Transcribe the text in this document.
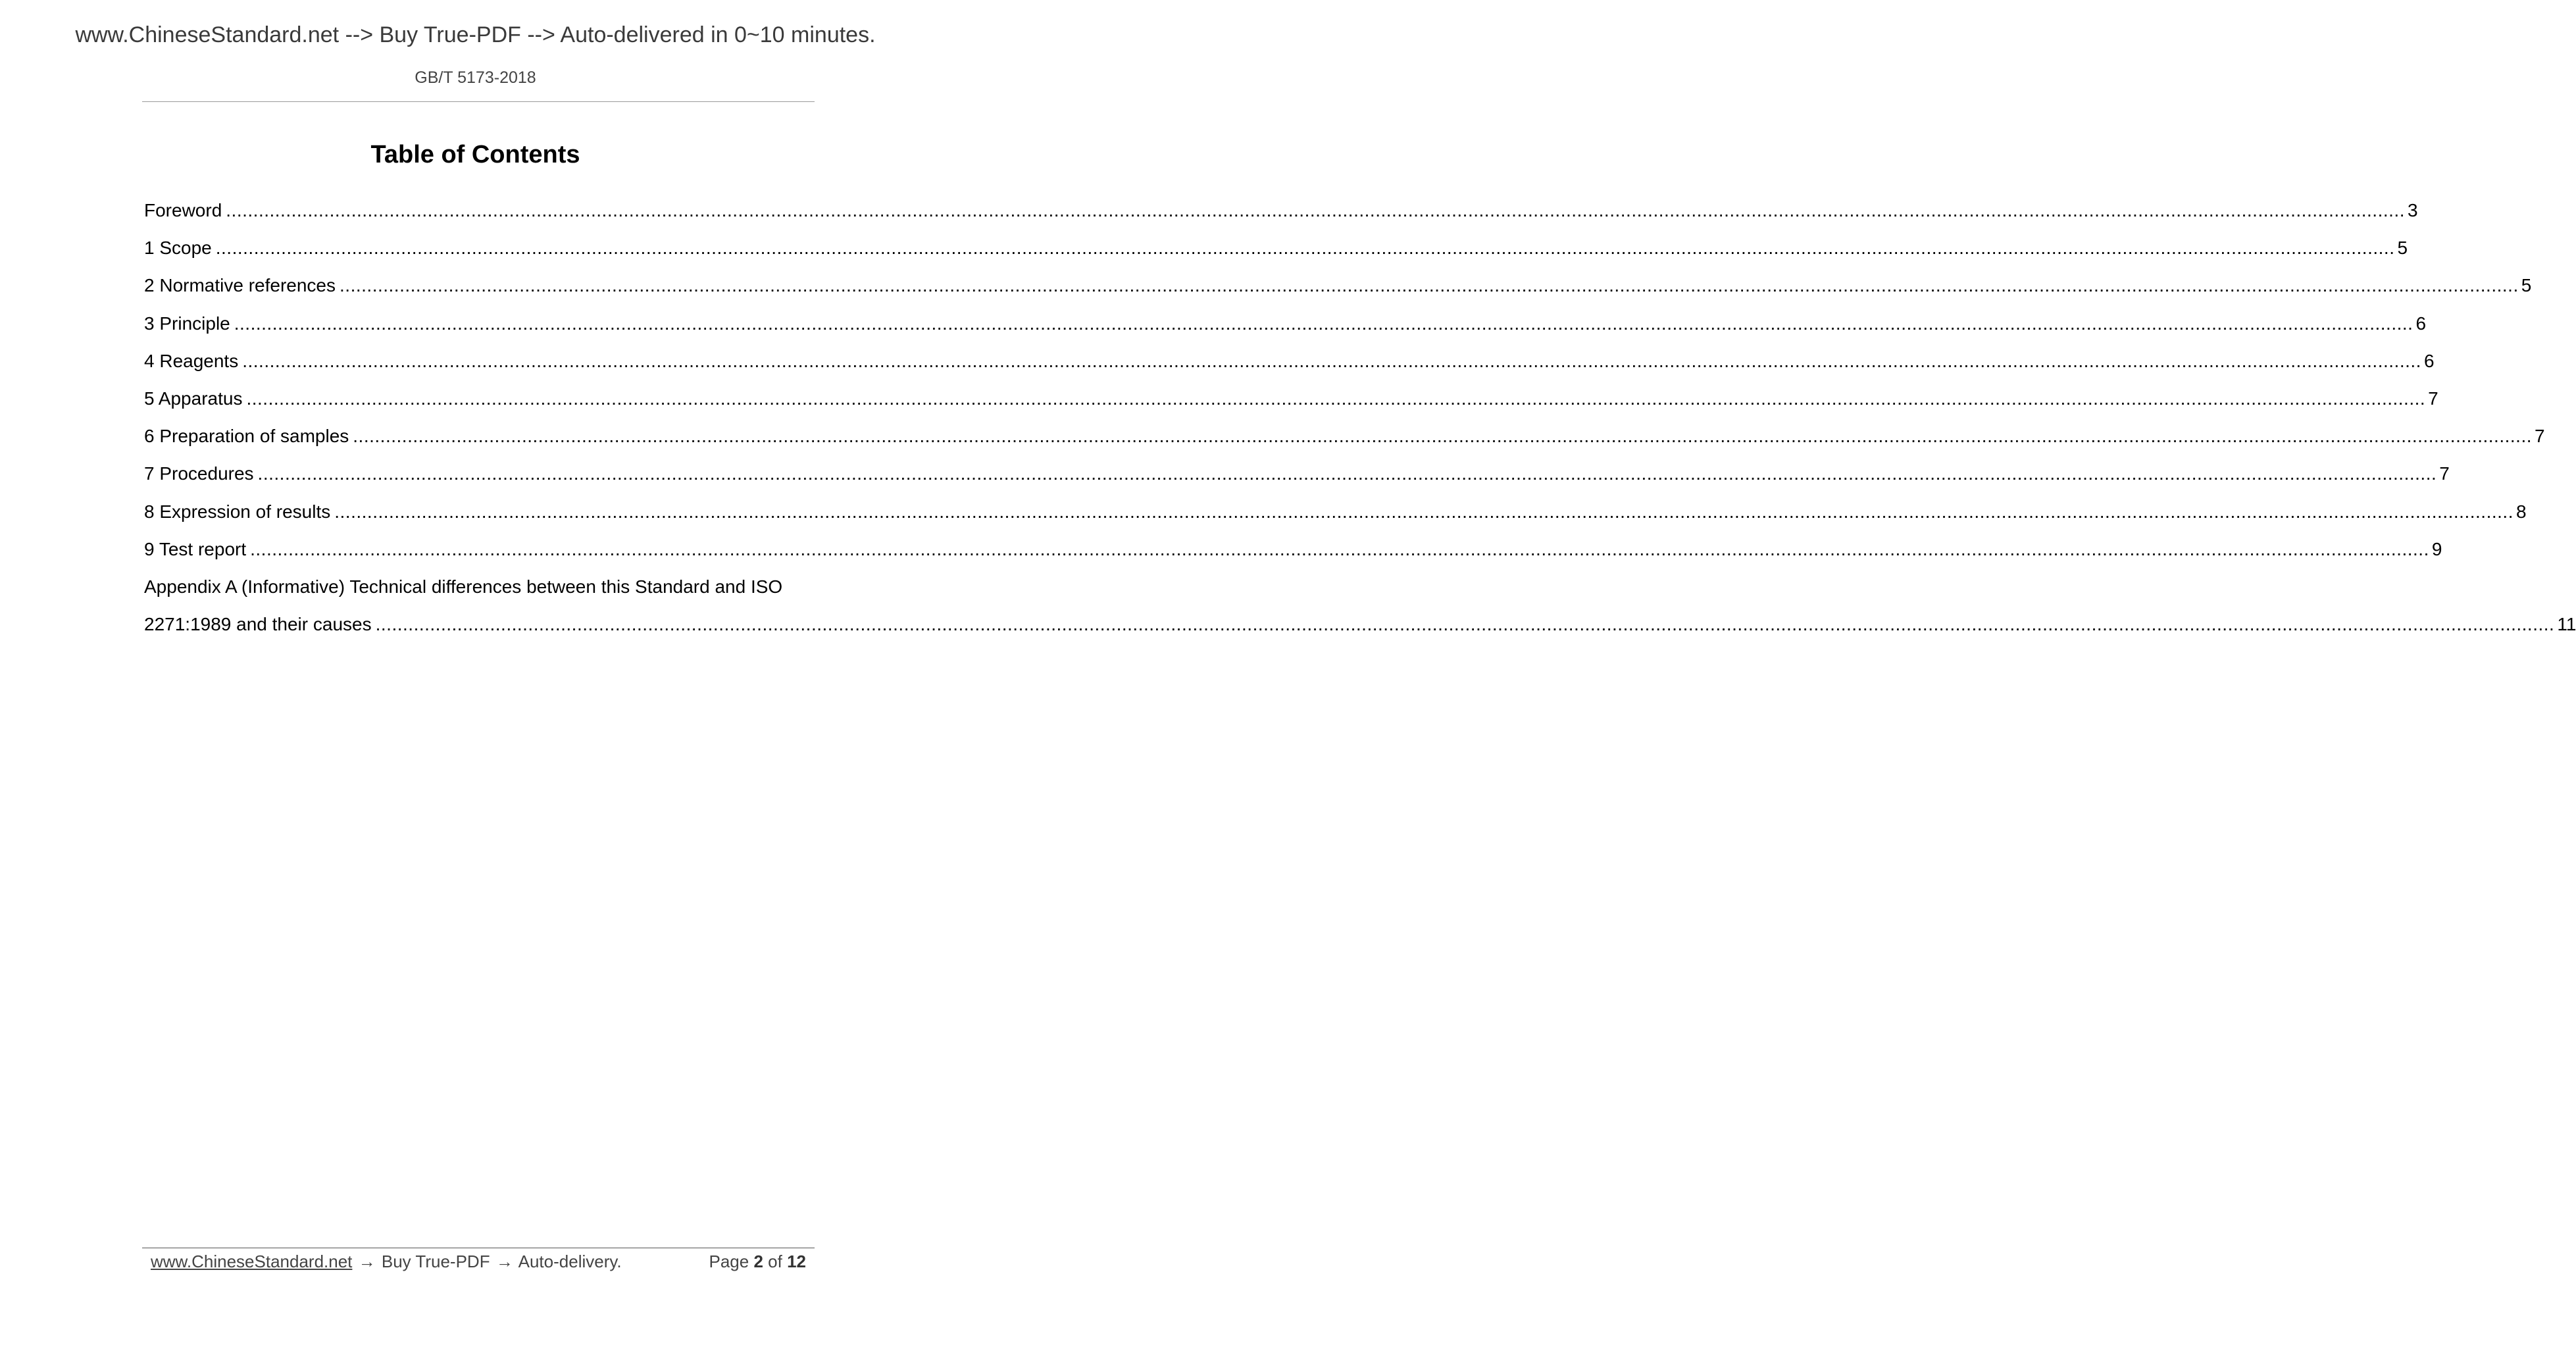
www.ChineseStandard.net --> Buy True-PDF --> Auto-delivered in 0~10 minutes.
GB/T 5173-2018
Table of Contents
Foreword ................................................................................................................................................................................................................................................................................................................................................................................................................ 3
1 Scope ................................................................................................................................................................................................................................................................................................................................................................................................................ 5
2 Normative references ................................................................................................................................................................................................................................................................................................................................................................................................................ 5
3 Principle ................................................................................................................................................................................................................................................................................................................................................................................................................ 6
4 Reagents ................................................................................................................................................................................................................................................................................................................................................................................................................ 6
5 Apparatus ................................................................................................................................................................................................................................................................................................................................................................................................................ 7
6 Preparation of samples ................................................................................................................................................................................................................................................................................................................................................................................................................ 7
7 Procedures ................................................................................................................................................................................................................................................................................................................................................................................................................ 7
8 Expression of results ................................................................................................................................................................................................................................................................................................................................................................................................................ 8
9 Test report ................................................................................................................................................................................................................................................................................................................................................................................................................ 9
Appendix A (Informative) Technical differences between this Standard and ISO
2271:1989 and their causes ................................................................................................................................................................................................................................................................................................................................................................................................................ 11
www.ChineseStandard.net → Buy True-PDF → Auto-delivery.	Page 2 of 12
